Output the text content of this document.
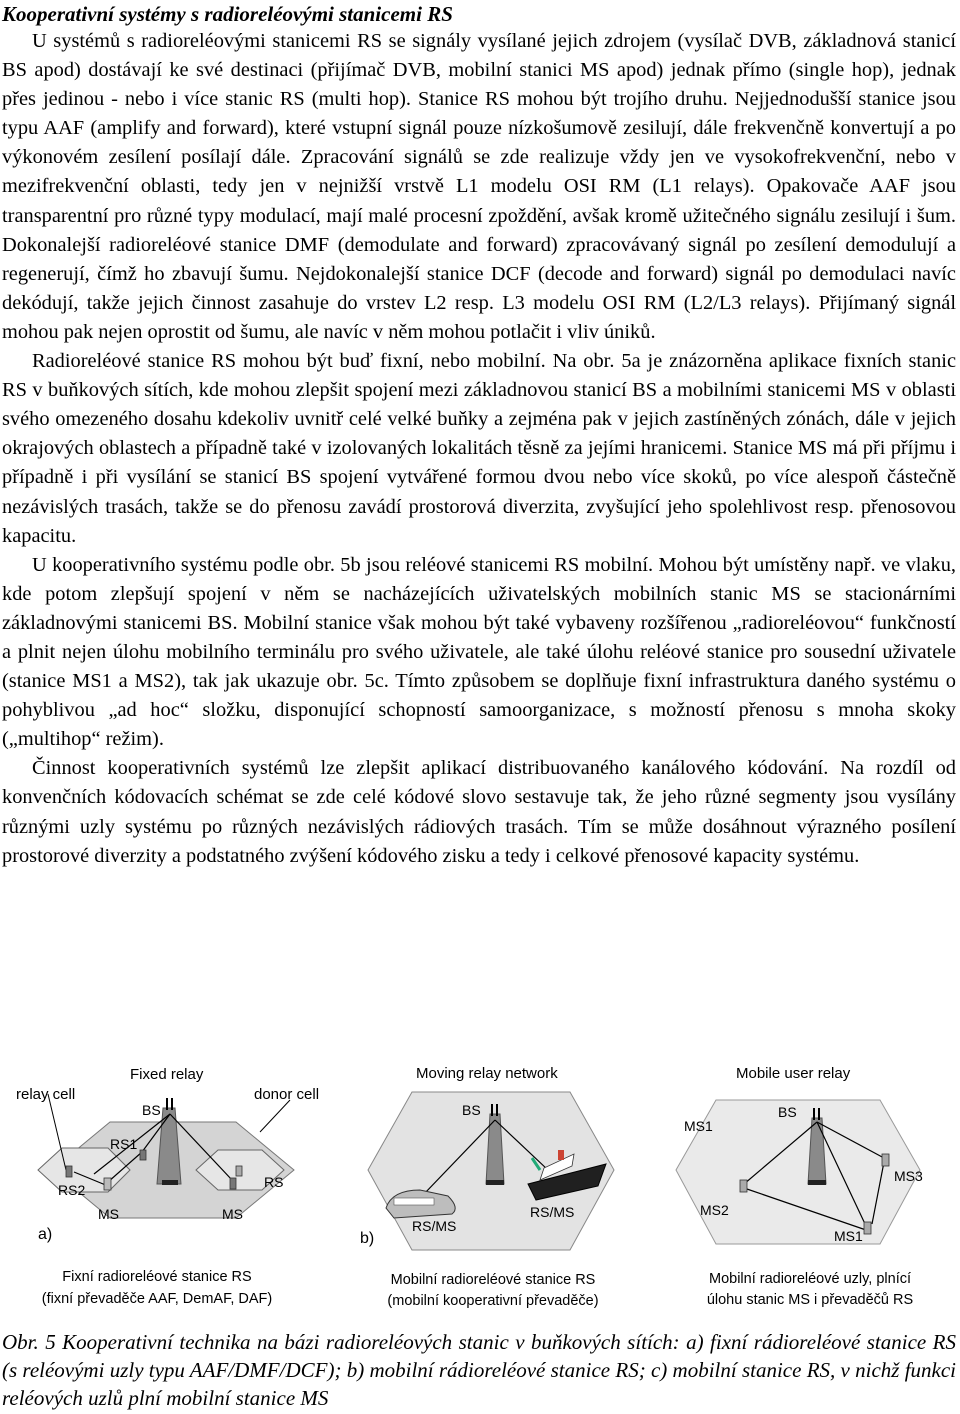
Kooperativní systémy s radioreléovými stanicemi RS

U systémů s radioreléovými stanicemi RS se signály vysílané jejich zdrojem (vysílač DVB, základnová stanicí BS apod) dostávají ke své destinaci (přijímač DVB, mobilní stanici MS apod) jednak přímo (single hop), jednak přes jedinou - nebo i více stanic RS (multi hop). Stanice RS mohou být trojího druhu. Nejjednodušší stanice jsou typu AAF (amplify and forward), které vstupní signál pouze nízkošumově zesilují, dále frekvenčně konvertují a po výkonovém zesílení posílají dále. Zpracování signálů se zde realizuje vždy jen ve vysokofrekvenční, nebo v mezifrekvenční oblasti, tedy jen v nejnižší vrstvě L1 modelu OSI RM (L1 relays). Opakovače AAF jsou transparentní pro různé typy modulací, mají malé procesní zpoždění, avšak kromě užitečného signálu zesilují i šum. Dokonalejší radioreléové stanice DMF (demodulate and forward) zpracovávaný signál po zesílení demodulují a regenerují, čímž ho zbavují šumu. Nejdokonalejší stanice DCF (decode and forward) signál po demodulaci navíc dekódují, takže jejich činnost zasahuje do vrstev L2 resp. L3 modelu OSI RM (L2/L3 relays). Přijímaný signál mohou pak nejen oprostit od šumu, ale navíc v něm mohou potlačit i vliv úniků.

Radioreléové stanice RS mohou být buď fixní, nebo mobilní. Na obr. 5a je znázorněna aplikace fixních stanic RS v buňkových sítích, kde mohou zlepšit spojení mezi základnovou stanicí BS a mobilními stanicemi MS v oblasti svého omezeného dosahu kdekoliv uvnitř celé velké buňky a zejména pak v jejich zastíněných zónách, dále v jejich okrajových oblastech a případně také v izolovaných lokalitách těsně za jejími hranicemi. Stanice MS má při příjmu i případně i při vysílání se stanicí BS spojení vytvářené formou dvou nebo více skoků, po více alespoň částečně nezávislých trasách, takže se do přenosu zavádí prostorová diverzita, zvyšující jeho spolehlivost resp. přenosovou kapacitu.

U kooperativního systému podle obr. 5b jsou reléové stanicemi RS mobilní. Mohou být umístěny např. ve vlaku, kde potom zlepšují spojení v něm se nacházejících uživatelských mobilních stanic MS se stacionárními základnovými stanicemi BS. Mobilní stanice však mohou být také vybaveny rozšířenou „radioreléovou“ funkčností a plnit nejen úlohu mobilního terminálu pro svého uživatele, ale také úlohu reléové stanice pro sousední uživatele (stanice MS1 a MS2), tak jak ukazuje obr. 5c. Tímto způsobem se doplňuje fixní infrastruktura daného systému o pohyblivou „ad hoc“ složku, disponující schopností samoorganizace, s možností přenosu s mnoha skoky („multihop“ režim).

Činnost kooperativních systémů lze zlepšit aplikací distribuovaného kanálového kódování. Na rozdíl od konvenčních kódovacích schémat se zde celé kódové slovo sestavuje tak, že jeho různé segmenty jsou vysílány různými uzly systému po různých nezávislých rádiových trasách. Tím se může dosáhnout výrazného posílení prostorové diverzity a podstatného zvýšení kódového zisku a tedy i celkové přenosové kapacity systému.

Fixed relay
relay cell	donor cell
BS
RS1
RS2	RS
MS	MS
a)
Fixní radioreléové stanice RS
(fixní převaděče AAF, DemAF, DAF)
Moving relay network
BS
RS/MS
RS/MS
b)
Mobilní radioreléové stanice RS
(mobilní kooperativní převaděče)
Mobile user relay
BS
MS1
MS3
MS2
MS1
Mobilní radioreléové uzly, plnící
úlohu stanic MS i převaděčů RS

Obr. 5 Kooperativní technika na bázi radioreléových stanic v buňkových sítích: a) fixní rádioreléové stanice RS (s reléovými uzly typu AAF/DMF/DCF); b) mobilní rádioreléové stanice RS; c) mobilní stanice RS, v nichž funkci reléových uzlů plní mobilní stanice MS
